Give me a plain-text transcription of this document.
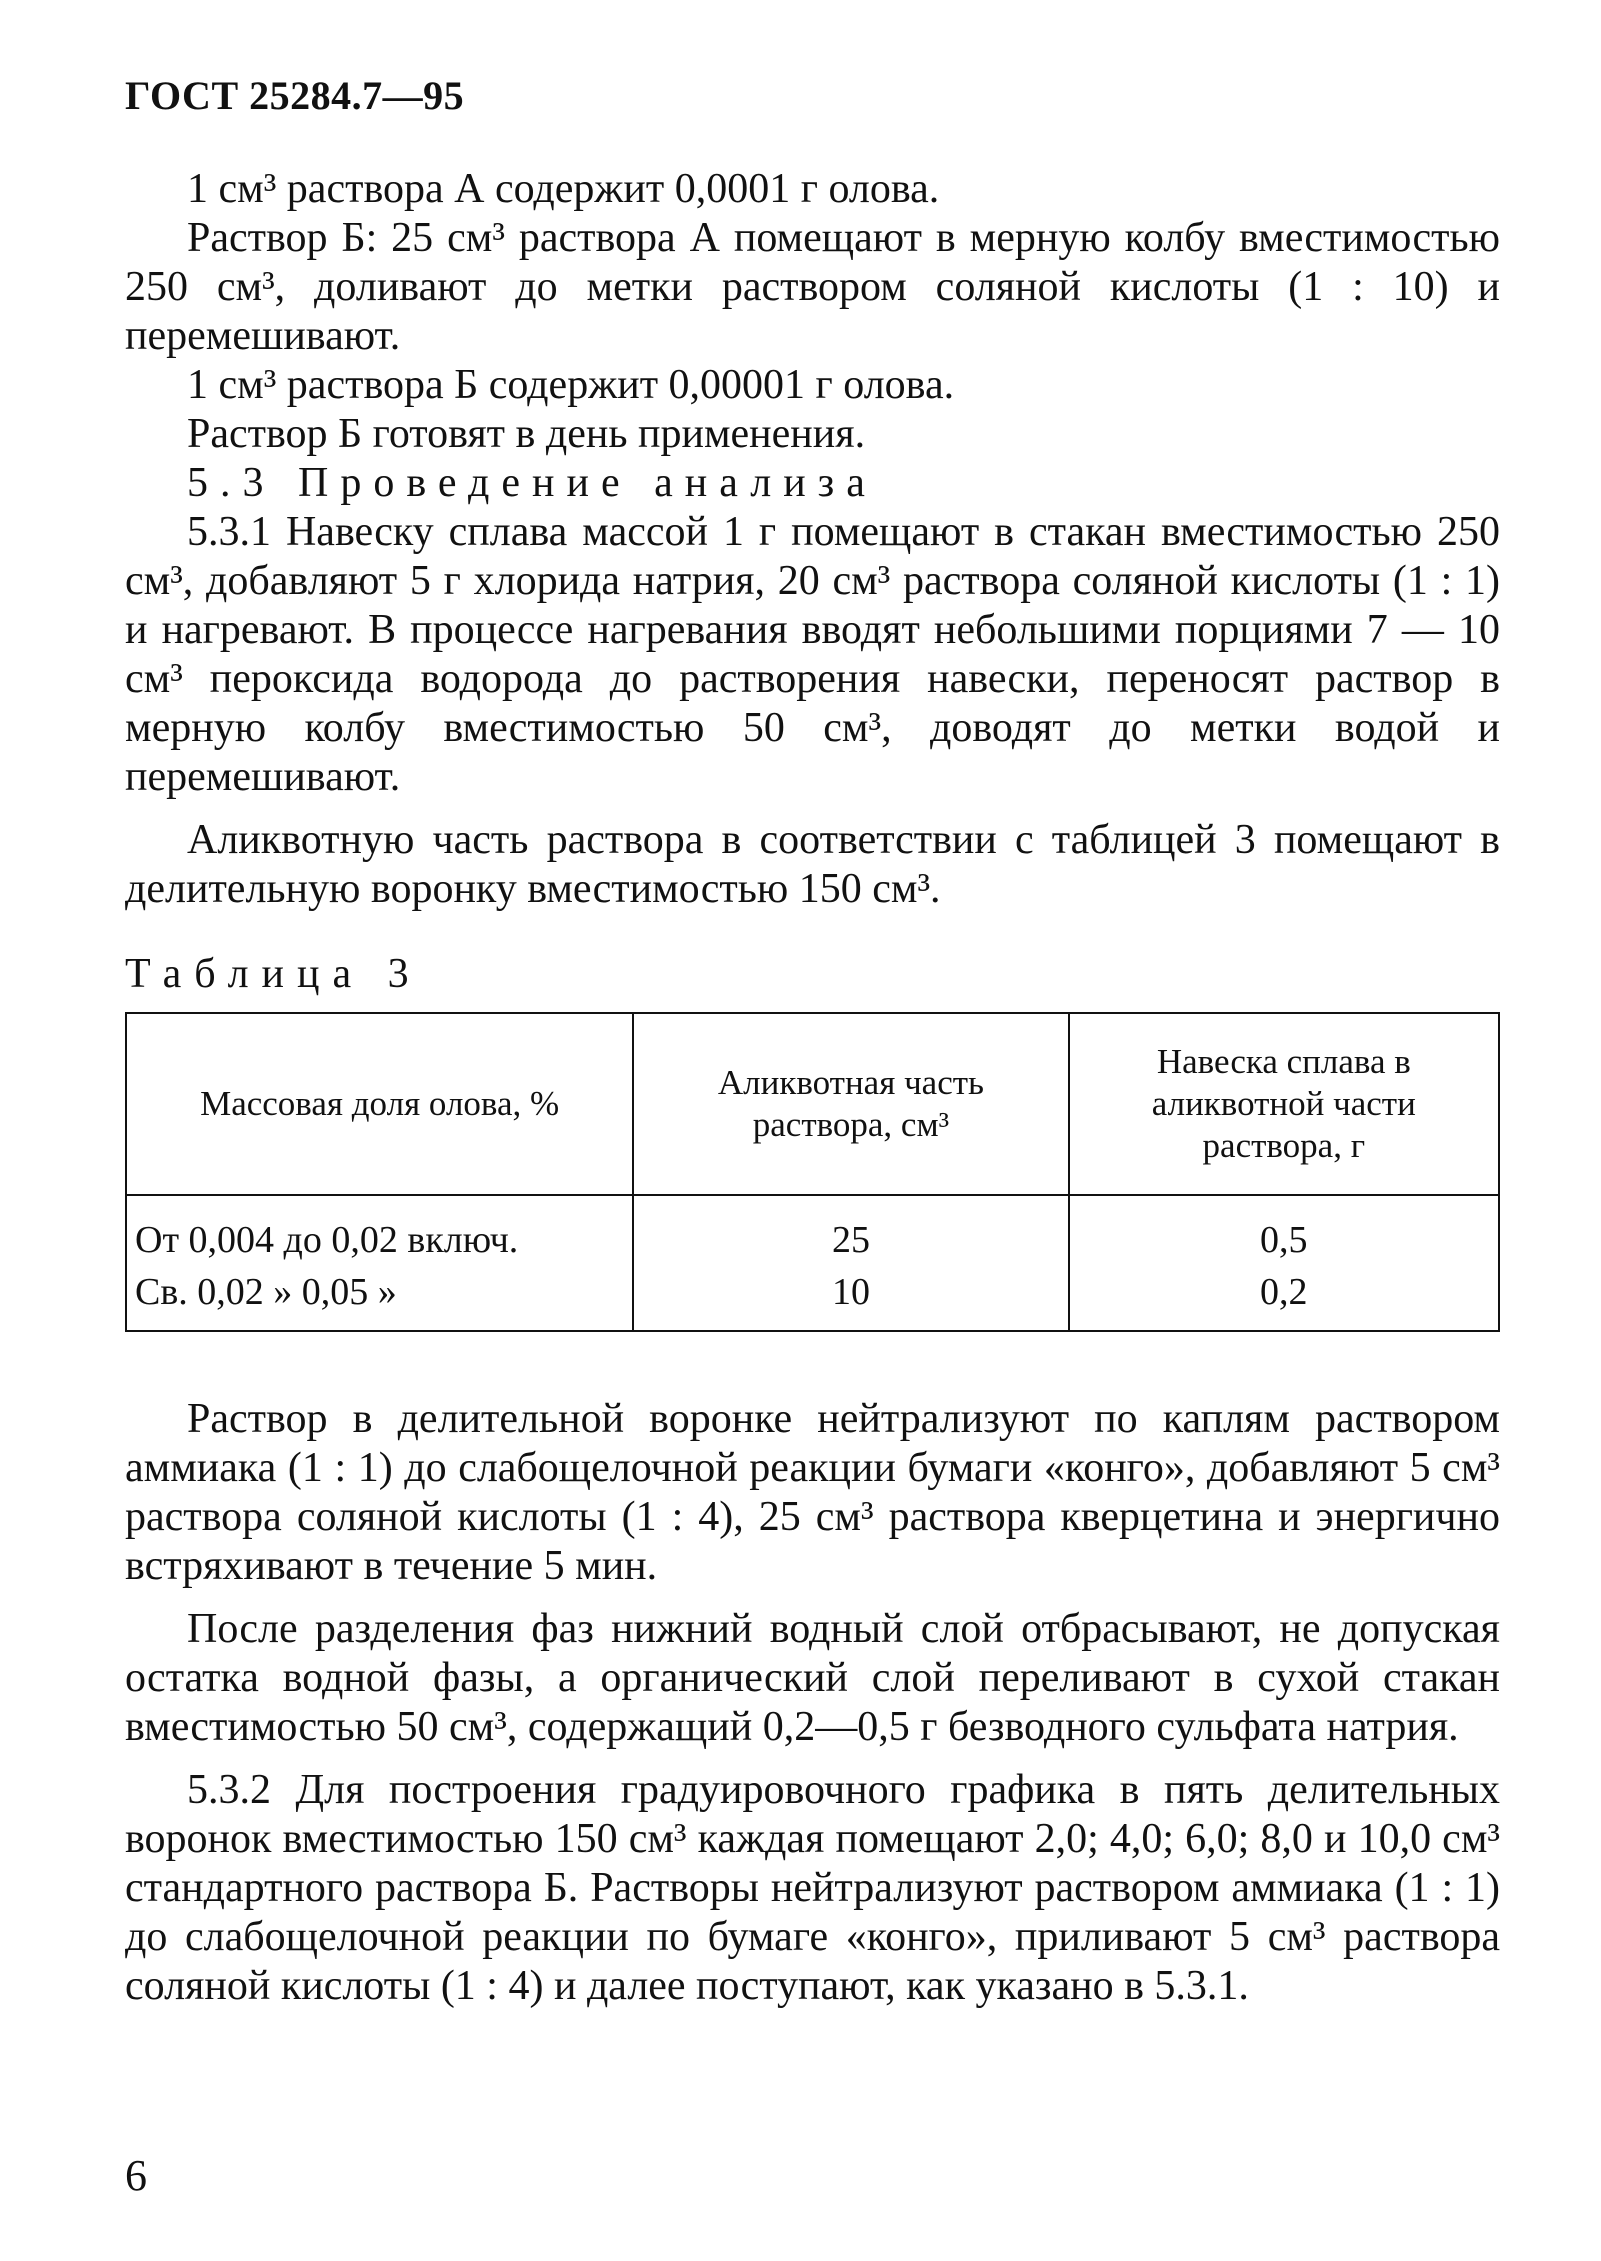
ГОСТ 25284.7—95

1 см³ раствора А содержит 0,0001 г олова.

Раствор Б: 25 см³ раствора А помещают в мерную колбу вместимостью 250 см³, доливают до метки раствором соляной кислоты (1 : 10) и перемешивают.

1 см³ раствора Б содержит 0,00001 г олова.

Раствор Б готовят в день применения.

5.3 Проведение анализа

5.3.1 Навеску сплава массой 1 г помещают в стакан вместимостью 250 см³, добавляют 5 г хлорида натрия, 20 см³ раствора соляной кислоты (1 : 1) и нагревают. В процессе нагревания вводят небольшими порциями 7 — 10 см³ пероксида водорода до растворения навески, переносят раствор в мерную колбу вместимостью 50 см³, доводят до метки водой и перемешивают.

Аликвотную часть раствора в соответствии с таблицей 3 помещают в делительную воронку вместимостью 150 см³.

Таблица 3
Массовая доля олова, %	Аликвотная часть раствора, см³	Навеска сплава в аликвотной части раствора, г
От 0,004 до 0,02 включ.	25	0,5
Св. 0,02 » 0,05 »	10	0,2

Раствор в делительной воронке нейтрализуют по каплям раствором аммиака (1 : 1) до слабощелочной реакции бумаги «конго», добавляют 5 см³ раствора соляной кислоты (1 : 4), 25 см³ раствора кверцетина и энергично встряхивают в течение 5 мин.

После разделения фаз нижний водный слой отбрасывают, не допуская остатка водной фазы, а органический слой переливают в сухой стакан вместимостью 50 см³, содержащий 0,2—0,5 г безводного сульфата натрия.

5.3.2 Для построения градуировочного графика в пять делительных воронок вместимостью 150 см³ каждая помещают 2,0; 4,0; 6,0; 8,0 и 10,0 см³ стандартного раствора Б. Растворы нейтрализуют раствором аммиака (1 : 1) до слабощелочной реакции по бумаге «конго», приливают 5 см³ раствора соляной кислоты (1 : 4) и далее поступают, как указано в 5.3.1.

6
